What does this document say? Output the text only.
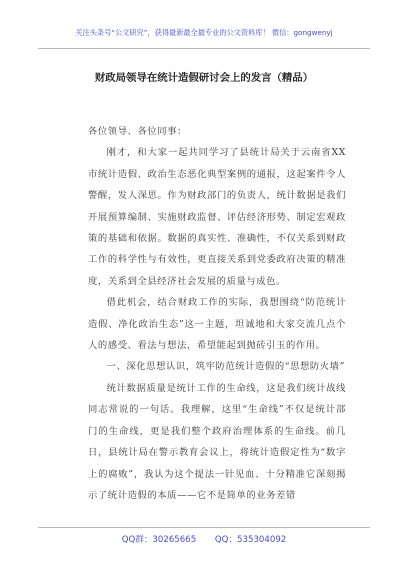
关注头条号“公文研究”，获得最新最全最专业的公文资料库！ 微信：gongwenyj
财政局领导在统计造假研讨会上的发言（精品）

各位领导、各位同事：

刚才，和大家一起共同学习了县统计局关于云南省XX市统计造假、政治生态恶化典型案例的通报，这起案件令人警醒，发人深思。作为财政部门的负责人，统计数据是我们开展预算编制、实施财政监督、评估经济形势、制定宏观政策的基础和依据。数据的真实性、准确性，不仅关系到财政工作的科学性与有效性，更直接关系到党委政府决策的精准度，关系到全县经济社会发展的质量与成色。

借此机会，结合财政工作的实际，我想围绕“防范统计造假、净化政治生态”这一主题，坦诚地和大家交流几点个人的感受、看法与想法，希望能起到抛砖引玉的作用。

一、深化思想认识，筑牢防范统计造假的“思想防火墙”

统计数据质量是统计工作的生命线，这是我们统计战线同志常说的一句话。我理解，这里“生命线”不仅是统计部门的生命线，更是我们整个政府治理体系的生命线。前几日，县统计局在警示教育会议上，将统计造假定性为“数字上的腐败”，我认为这个提法一针见血、十分精准它深刻揭示了统计造假的本质——它不是简单的业务差错

QQ群：30265665 QQ：535304092
